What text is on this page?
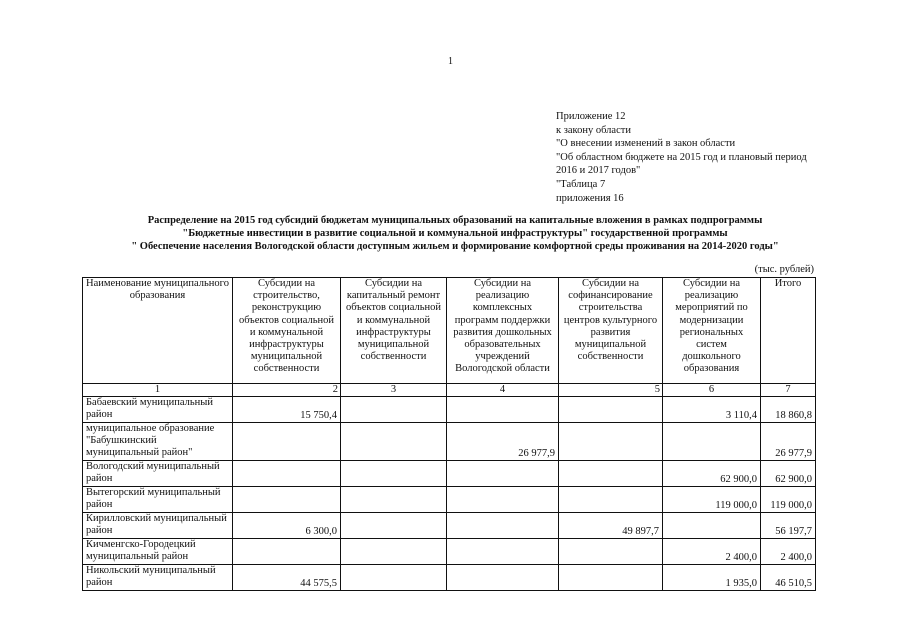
1
Приложение 12
к закону области
"О внесении изменений в закон области
"Об областном бюджете на 2015 год и плановый период
2016 и 2017 годов"
"Таблица 7
приложения 16
Распределение на 2015 год субсидий бюджетам муниципальных образований на капитальные вложения в рамках подпрограммы
"Бюджетные инвестиции в развитие социальной и коммунальной инфраструктуры" государственной программы
" Обеспечение населения Вологодской области доступным жильем и формирование комфортной среды проживания на 2014-2020 годы"
(тыс. рублей)
Наименование муниципального образования	Субсидии на строительство, реконструкцию объектов социальной и коммунальной инфраструктуры муниципальной собственности	Субсидии на капитальный ремонт объектов социальной и коммунальной инфраструктуры муниципальной собственности	Субсидии на реализацию комплексных программ поддержки развития дошкольных образовательных учреждений Вологодской области	Субсидии на софинансирование строительства центров культурного развития муниципальной собственности	Субсидии на реализацию мероприятий по модернизации региональных систем дошкольного образования	Итого
1	2	3	4	5	6	7
Бабаевский муниципальный район	15 750,4				3 110,4	18 860,8
муниципальное образование "Бабушкинский муниципальный район"			26 977,9			26 977,9
Вологодский муниципальный район					62 900,0	62 900,0
Вытегорский муниципальный район					119 000,0	119 000,0
Кирилловский муниципальный район	6 300,0			49 897,7		56 197,7
Кичменгско-Городецкий муниципальный район					2 400,0	2 400,0
Никольский муниципальный район	44 575,5				1 935,0	46 510,5
